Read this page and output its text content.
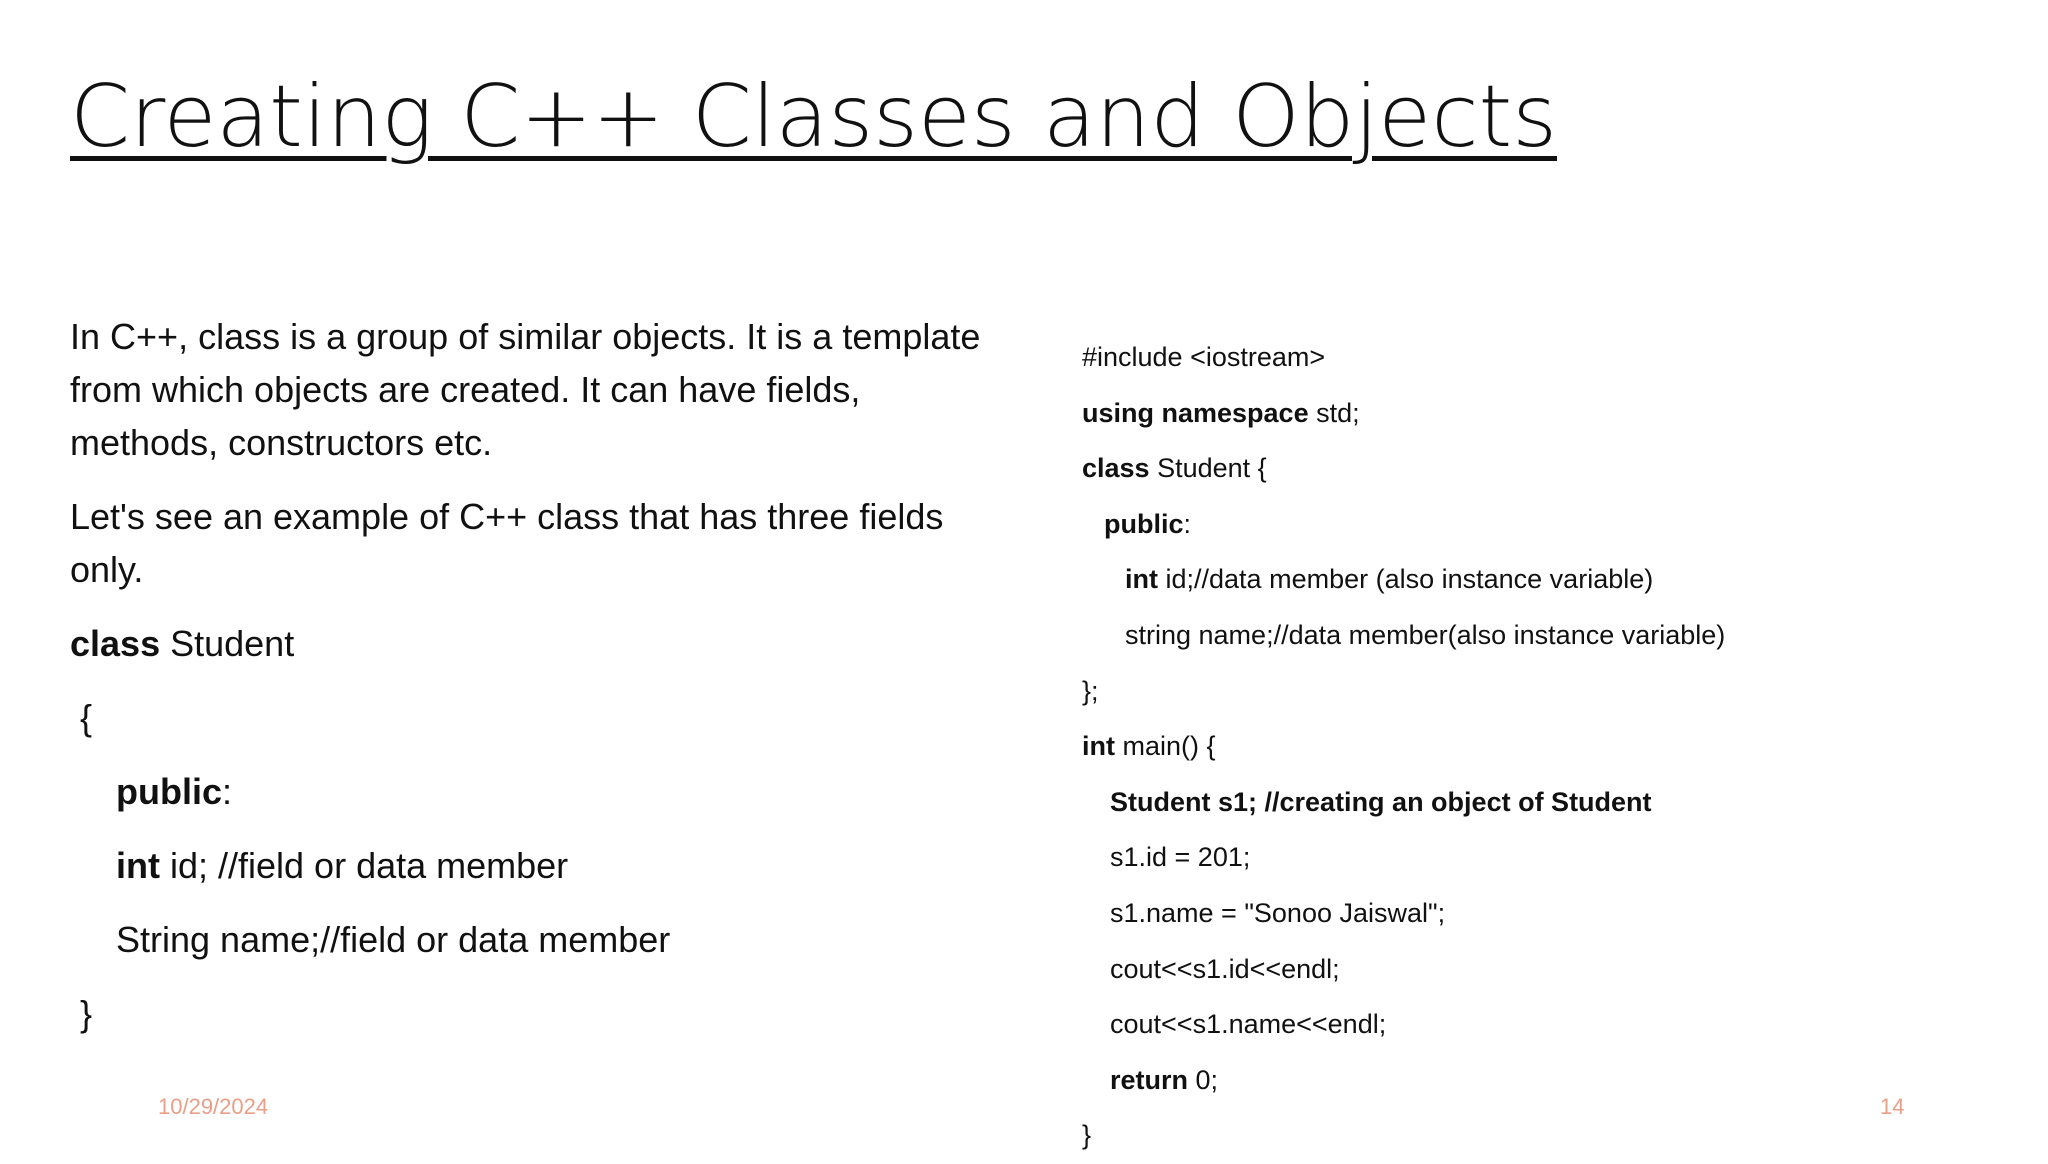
Creating C++ Classes and Objects

In C++, class is a group of similar objects. It is a template from which objects are created. It can have fields, methods, constructors etc.

Let's see an example of C++ class that has three fields only.

class Student
{
public:
int id; //field or data member
String name;//field or data member
}
#include <iostream>
using namespace std;
class Student {
public:
int id;//data member (also instance variable)
string name;//data member(also instance variable)
};
int main() {
Student s1; //creating an object of Student
s1.id = 201;
s1.name = "Sonoo Jaiswal";
cout<<s1.id<<endl;
cout<<s1.name<<endl;
return 0;
}
10/29/2024	14
